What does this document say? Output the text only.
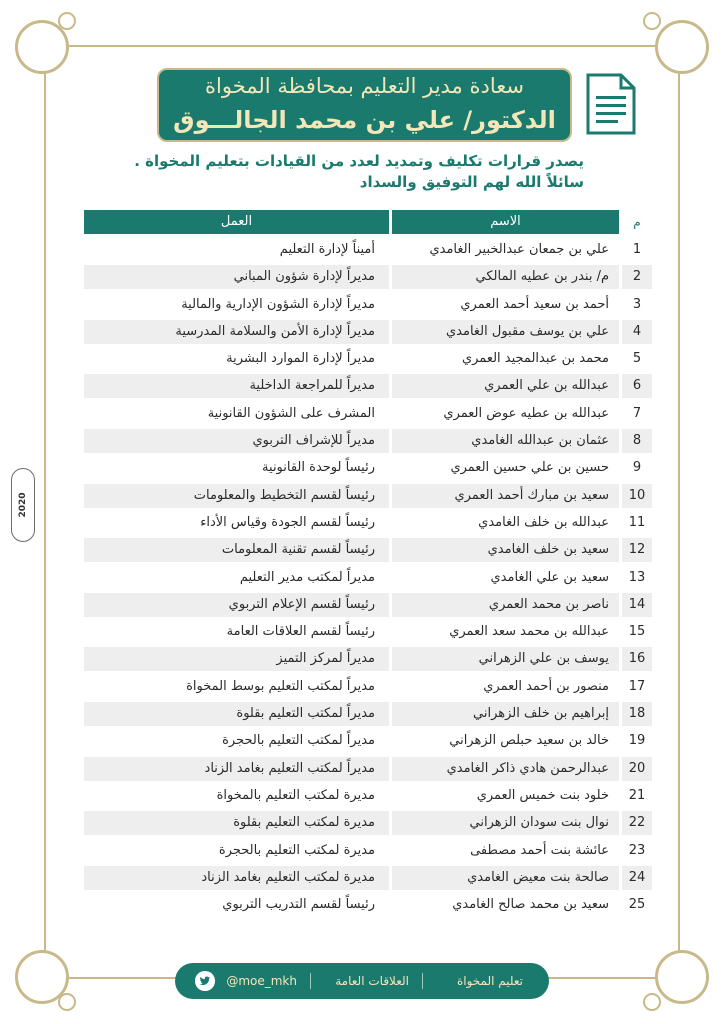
سعادة مدير التعليم بمحافظة المخواة
الدكتور/ علي بن محمد الجالـــوق
يصدر قرارات تكليف وتمديد لعدد من القيادات بتعليم المخواة .
سائلاً الله لهم التوفيق والسداد
م
الاسم
العمل
1
علي بن جمعان عبدالخبير الغامدي
أميناً لإدارة التعليم
2
م/ بندر بن عطيه المالكي
مديراً لإدارة شؤون المباني
3
أحمد بن سعيد أحمد العمري
مديراً لإدارة الشؤون الإدارية والمالية
4
علي بن يوسف مقبول الغامدي
مديراً لإدارة الأمن والسلامة المدرسية
5
محمد بن عبدالمجيد العمري
مديراً لإدارة الموارد البشرية
6
عبدالله بن علي العمري
مديراً للمراجعة الداخلية
7
عبدالله بن عطيه عوض العمري
المشرف على الشؤون القانونية
8
عثمان بن عبدالله الغامدي
مديراً للإشراف التربوي
9
حسين بن علي حسين العمري
رئيساً لوحدة القانونية
10
سعيد بن مبارك أحمد العمري
رئيساً لقسم التخطيط والمعلومات
11
عبدالله بن خلف الغامدي
رئيساً لقسم الجودة وقياس الأداء
12
سعيد بن خلف الغامدي
رئيساً لقسم تقنية المعلومات
13
سعيد بن علي الغامدي
مديراً لمكتب مدير التعليم
14
ناصر بن محمد العمري
رئيساً لقسم الإعلام التربوي
15
عبدالله بن محمد سعد العمري
رئيساً لقسم العلاقات العامة
16
يوسف بن علي الزهراني
مديراً لمركز التميز
17
منصور بن أحمد العمري
مديراً لمكتب التعليم بوسط المخواة
18
إبراهيم بن خلف الزهراني
مديراً لمكتب التعليم بقلوة
19
خالد بن سعيد حبلص الزهراني
مديراً لمكتب التعليم بالحجرة
20
عبدالرحمن هادي ذاكر الغامدي
مديراً لمكتب التعليم بغامد الزناد
21
خلود بنت خميس العمري
مديرة لمكتب التعليم بالمخواة
22
نوال بنت سودان الزهراني
مديرة لمكتب التعليم بقلوة
23
عائشة بنت أحمد مصطفى
مديرة لمكتب التعليم بالحجرة
24
صالحة بنت معيض الغامدي
مديرة لمكتب التعليم بغامد الزناد
25
سعيد بن محمد صالح الغامدي
رئيساً لقسم التدريب التربوي
2020
تعليم المخواة
العلاقات العامة
@moe_mkh
